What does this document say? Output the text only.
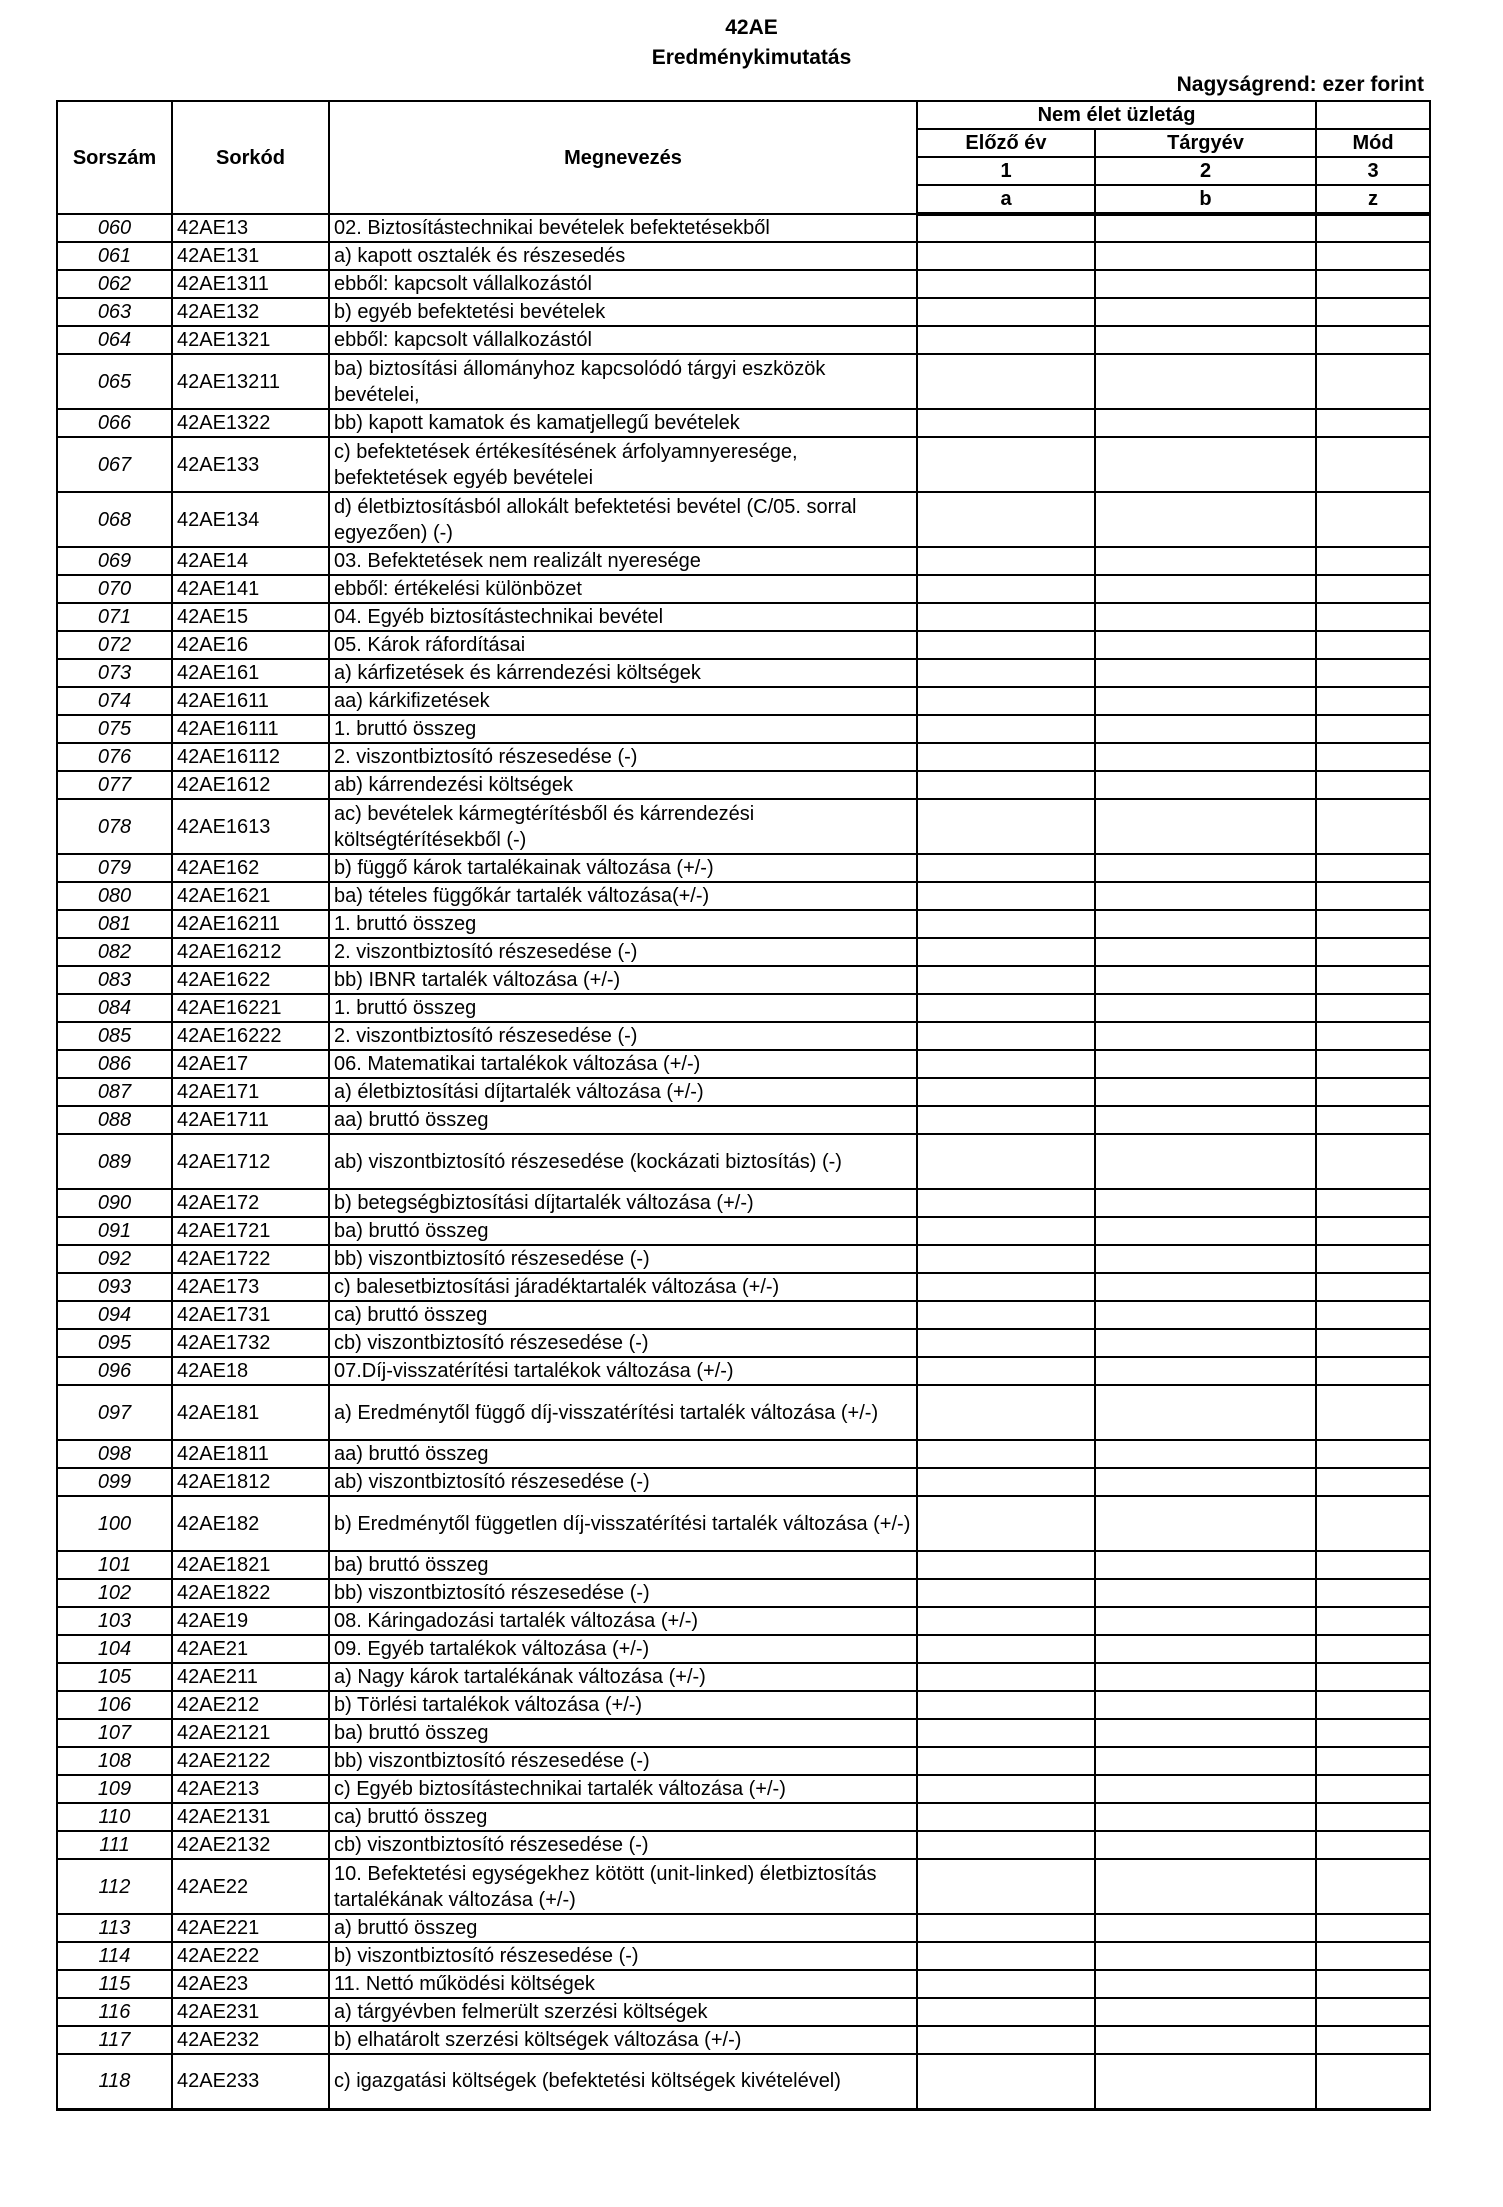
42AE
Eredménykimutatás
Nagyságrend: ezer forint
Sorszám	Sorkód	Megnevezés	Nem élet üzletág		
			Előző év	Tárgyév	Mód
			1	2	3
			a	b	z
060	42AE13	02. Biztosítástechnikai bevételek befektetésekből			
061	42AE131	a) kapott osztalék és részesedés			
062	42AE1311	ebből: kapcsolt vállalkozástól			
063	42AE132	b) egyéb befektetési bevételek			
064	42AE1321	ebből: kapcsolt vállalkozástól			
065	42AE13211	ba) biztosítási állományhoz kapcsolódó tárgyi eszközök bevételei,			
066	42AE1322	bb) kapott kamatok és kamatjellegű bevételek			
067	42AE133	c) befektetések értékesítésének árfolyamnyeresége, befektetések egyéb bevételei			
068	42AE134	d) életbiztosításból allokált befektetési bevétel (C/05. sorral egyezően) (-)			
069	42AE14	03. Befektetések nem realizált nyeresége			
070	42AE141	ebből: értékelési különbözet			
071	42AE15	04. Egyéb biztosítástechnikai bevétel			
072	42AE16	05. Károk ráfordításai			
073	42AE161	a) kárfizetések és kárrendezési költségek			
074	42AE1611	aa) kárkifizetések			
075	42AE16111	1. bruttó összeg			
076	42AE16112	2. viszontbiztosító részesedése (-)			
077	42AE1612	ab) kárrendezési költségek			
078	42AE1613	ac) bevételek kármegtérítésből és kárrendezési költségtérítésekből (-)			
079	42AE162	b) függő károk tartalékainak változása (+/-)			
080	42AE1621	ba) tételes függőkár tartalék változása(+/-)			
081	42AE16211	1. bruttó összeg			
082	42AE16212	2. viszontbiztosító részesedése (-)			
083	42AE1622	bb) IBNR tartalék változása (+/-)			
084	42AE16221	1. bruttó összeg			
085	42AE16222	2. viszontbiztosító részesedése (-)			
086	42AE17	06. Matematikai tartalékok változása (+/-)			
087	42AE171	a) életbiztosítási díjtartalék változása (+/-)			
088	42AE1711	aa) bruttó összeg			
089	42AE1712	ab) viszontbiztosító részesedése (kockázati biztosítás) (-)			
090	42AE172	b) betegségbiztosítási díjtartalék változása (+/-)			
091	42AE1721	ba) bruttó összeg			
092	42AE1722	bb) viszontbiztosító részesedése (-)			
093	42AE173	c) balesetbiztosítási járadéktartalék változása (+/-)			
094	42AE1731	ca) bruttó összeg			
095	42AE1732	cb) viszontbiztosító részesedése (-)			
096	42AE18	07.Díj-visszatérítési tartalékok változása (+/-)			
097	42AE181	a) Eredménytől függő díj-visszatérítési tartalék változása (+/-)			
098	42AE1811	aa) bruttó összeg			
099	42AE1812	ab) viszontbiztosító részesedése (-)			
100	42AE182	b) Eredménytől független díj-visszatérítési tartalék változása (+/-)			
101	42AE1821	ba) bruttó összeg			
102	42AE1822	bb) viszontbiztosító részesedése (-)			
103	42AE19	08. Káringadozási tartalék változása (+/-)			
104	42AE21	09. Egyéb tartalékok változása (+/-)			
105	42AE211	a) Nagy károk tartalékának változása (+/-)			
106	42AE212	b) Törlési tartalékok változása (+/-)			
107	42AE2121	ba) bruttó összeg			
108	42AE2122	bb) viszontbiztosító részesedése (-)			
109	42AE213	c) Egyéb biztosítástechnikai tartalék változása (+/-)			
110	42AE2131	ca) bruttó összeg			
111	42AE2132	cb) viszontbiztosító részesedése (-)			
112	42AE22	10. Befektetési egységekhez kötött (unit-linked) életbiztosítás tartalékának változása (+/-)			
113	42AE221	a) bruttó összeg			
114	42AE222	b) viszontbiztosító részesedése (-)			
115	42AE23	11. Nettó működési költségek			
116	42AE231	a) tárgyévben felmerült szerzési költségek			
117	42AE232	b) elhatárolt szerzési költségek változása (+/-)			
118	42AE233	c) igazgatási költségek (befektetési költségek kivételével)			
